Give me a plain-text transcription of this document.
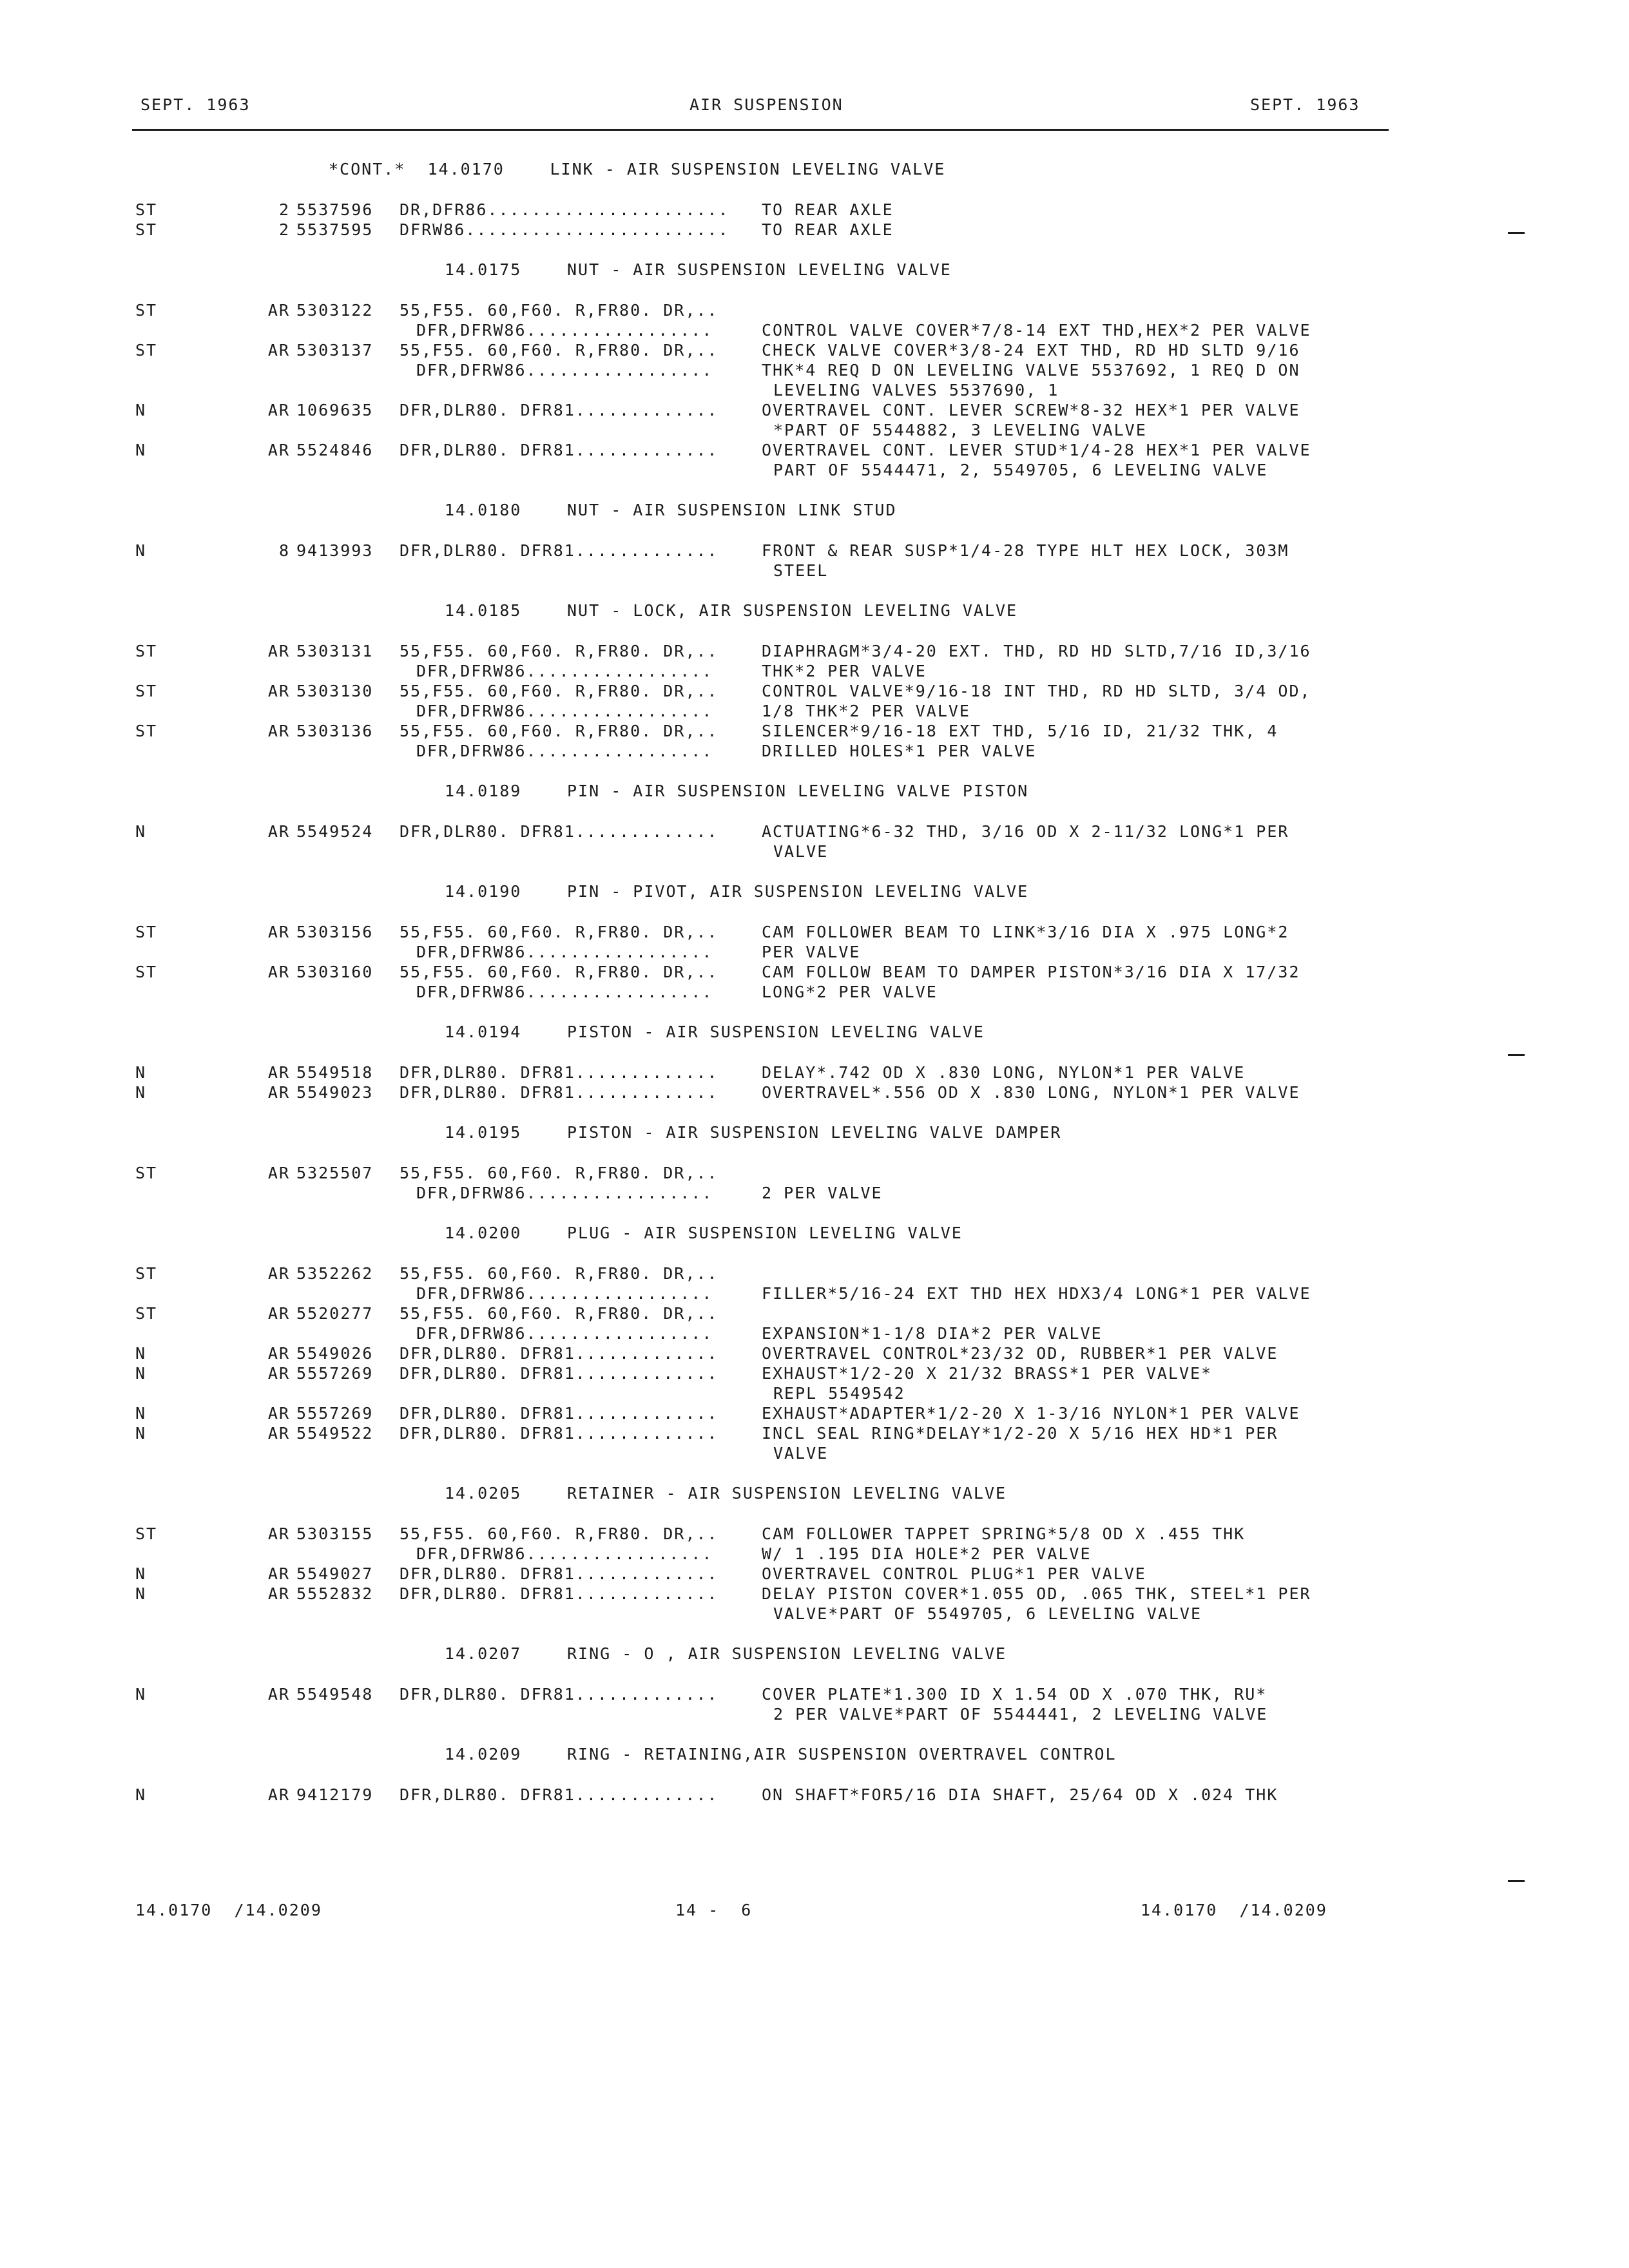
SEPT. 1963	AIR SUSPENSION	SEPT. 1963
*CONT.* 14.0170	LINK - AIR SUSPENSION LEVELING VALVE
ST	2 5537596 DR,DFR86...................... TO REAR AXLE
ST	2 5537595 DFRW86........................ TO REAR AXLE
14.0175	NUT - AIR SUSPENSION LEVELING VALVE
ST	AR 5303122 55,F55. 60,F60. R,FR80. DR,..
DFR,DFRW86.................	CONTROL VALVE COVER*7/8-14 EXT THD,HEX*2 PER VALVE
ST	AR 5303137 55,F55. 60,F60. R,FR80. DR,..	CHECK VALVE COVER*3/8-24 EXT THD, RD HD SLTD 9/16
DFR,DFRW86.................	THK*4 REQ D ON LEVELING VALVE 5537692, 1 REQ D ON
LEVELING VALVES 5537690, 1
N	AR 1069635 DFR,DLR80. DFR81.............	OVERTRAVEL CONT. LEVER SCREW*8-32 HEX*1 PER VALVE
*PART OF 5544882, 3 LEVELING VALVE
N	AR 5524846 DFR,DLR80. DFR81.............	OVERTRAVEL CONT. LEVER STUD*1/4-28 HEX*1 PER VALVE
PART OF 5544471, 2, 5549705, 6 LEVELING VALVE
14.0180	NUT - AIR SUSPENSION LINK STUD
N	8 9413993 DFR,DLR80. DFR81.............	FRONT & REAR SUSP*1/4-28 TYPE HLT HEX LOCK, 303M
STEEL
14.0185	NUT - LOCK, AIR SUSPENSION LEVELING VALVE
ST	AR 5303131 55,F55. 60,F60. R,FR80. DR,..	DIAPHRAGM*3/4-20 EXT. THD, RD HD SLTD,7/16 ID,3/16
DFR,DFRW86.................	THK*2 PER VALVE
ST	AR 5303130 55,F55. 60,F60. R,FR80. DR,..	CONTROL VALVE*9/16-18 INT THD, RD HD SLTD, 3/4 OD,
DFR,DFRW86.................	1/8 THK*2 PER VALVE
ST	AR 5303136 55,F55. 60,F60. R,FR80. DR,..	SILENCER*9/16-18 EXT THD, 5/16 ID, 21/32 THK, 4
DFR,DFRW86.................	DRILLED HOLES*1 PER VALVE
14.0189	PIN - AIR SUSPENSION LEVELING VALVE PISTON
N	AR 5549524 DFR,DLR80. DFR81.............	ACTUATING*6-32 THD, 3/16 OD X 2-11/32 LONG*1 PER
VALVE
14.0190	PIN - PIVOT, AIR SUSPENSION LEVELING VALVE
ST	AR 5303156 55,F55. 60,F60. R,FR80. DR,..	CAM FOLLOWER BEAM TO LINK*3/16 DIA X .975 LONG*2
DFR,DFRW86.................	PER VALVE
ST	AR 5303160 55,F55. 60,F60. R,FR80. DR,..	CAM FOLLOW BEAM TO DAMPER PISTON*3/16 DIA X 17/32
DFR,DFRW86.................	LONG*2 PER VALVE
14.0194	PISTON - AIR SUSPENSION LEVELING VALVE
N	AR 5549518 DFR,DLR80. DFR81.............	DELAY*.742 OD X .830 LONG, NYLON*1 PER VALVE
N	AR 5549023 DFR,DLR80. DFR81.............	OVERTRAVEL*.556 OD X .830 LONG, NYLON*1 PER VALVE
14.0195	PISTON - AIR SUSPENSION LEVELING VALVE DAMPER
ST	AR 5325507 55,F55. 60,F60. R,FR80. DR,..
DFR,DFRW86.................	2 PER VALVE
14.0200	PLUG - AIR SUSPENSION LEVELING VALVE
ST	AR 5352262 55,F55. 60,F60. R,FR80. DR,..
DFR,DFRW86.................	FILLER*5/16-24 EXT THD HEX HDX3/4 LONG*1 PER VALVE
ST	AR 5520277 55,F55. 60,F60. R,FR80. DR,..
DFR,DFRW86.................	EXPANSION*1-1/8 DIA*2 PER VALVE
N	AR 5549026 DFR,DLR80. DFR81.............	OVERTRAVEL CONTROL*23/32 OD, RUBBER*1 PER VALVE
N	AR 5557269 DFR,DLR80. DFR81.............	EXHAUST*1/2-20 X 21/32 BRASS*1 PER VALVE*
REPL 5549542
N	AR 5557269 DFR,DLR80. DFR81.............	EXHAUST*ADAPTER*1/2-20 X 1-3/16 NYLON*1 PER VALVE
N	AR 5549522 DFR,DLR80. DFR81.............	INCL SEAL RING*DELAY*1/2-20 X 5/16 HEX HD*1 PER
VALVE
14.0205	RETAINER - AIR SUSPENSION LEVELING VALVE
ST	AR 5303155 55,F55. 60,F60. R,FR80. DR,..	CAM FOLLOWER TAPPET SPRING*5/8 OD X .455 THK
DFR,DFRW86.................	W/ 1 .195 DIA HOLE*2 PER VALVE
N	AR 5549027 DFR,DLR80. DFR81.............	OVERTRAVEL CONTROL PLUG*1 PER VALVE
N	AR 5552832 DFR,DLR80. DFR81.............	DELAY PISTON COVER*1.055 OD, .065 THK, STEEL*1 PER
VALVE*PART OF 5549705, 6 LEVELING VALVE
14.0207	RING - O , AIR SUSPENSION LEVELING VALVE
N	AR 5549548 DFR,DLR80. DFR81.............	COVER PLATE*1.300 ID X 1.54 OD X .070 THK, RU*
2 PER VALVE*PART OF 5544441, 2 LEVELING VALVE
14.0209	RING - RETAINING,AIR SUSPENSION OVERTRAVEL CONTROL
N	AR 9412179 DFR,DLR80. DFR81.............	ON SHAFT*FOR5/16 DIA SHAFT, 25/64 OD X .024 THK
14.0170  /14.0209	14 -  6	14.0170  /14.0209
